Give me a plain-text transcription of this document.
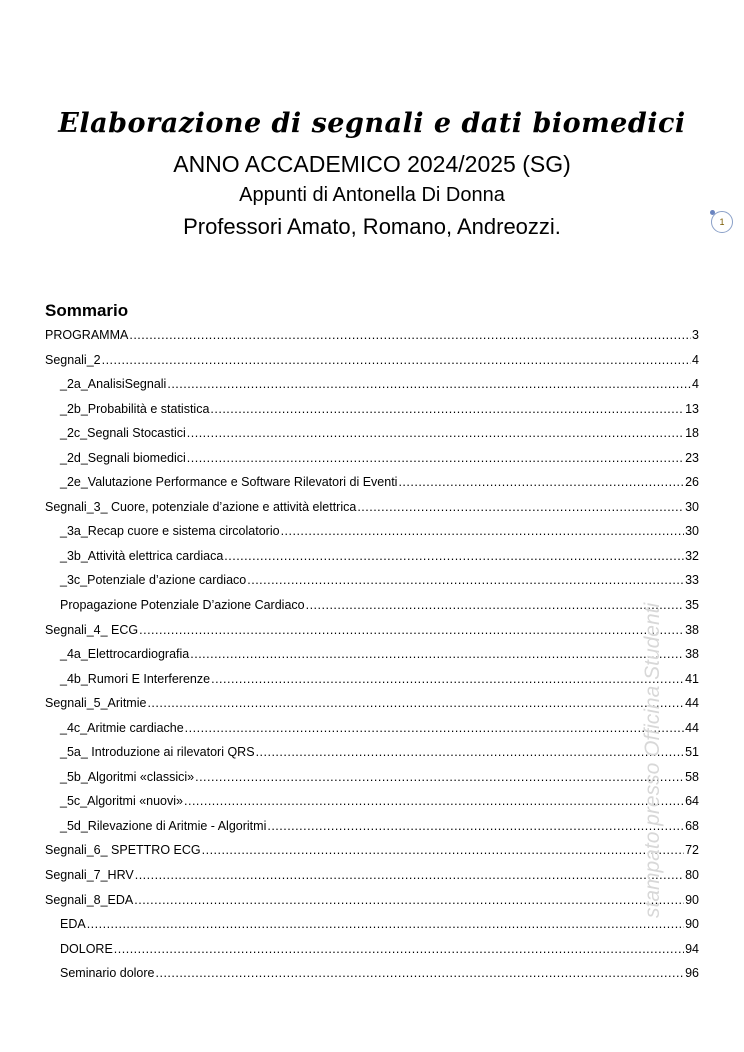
Elaborazione di segnali e dati biomedici
ANNO ACCADEMICO 2024/2025 (SG)
Appunti di Antonella Di Donna
Professori Amato, Romano, Andreozzi.	1
Sommario
PROGRAMMA .....	3
Segnali_2 .....	4
_2a_AnalisiSegnali .....	4
_2b_Probabilità e statistica .....	13
_2c_Segnali Stocastici .....	18
_2d_Segnali biomedici .....	23
_2e_Valutazione Performance e Software Rilevatori di Eventi .....	26
Segnali_3_ Cuore, potenziale d’azione e attività elettrica .....	30
_3a_Recap cuore e sistema circolatorio .....	30
_3b_Attività elettrica cardiaca .....	32
_3c_Potenziale d’azione cardiaco .....	33
Propagazione Potenziale D’azione Cardiaco .....	35
Segnali_4_ ECG .....	38
_4a_Elettrocardiografia .....	38
_4b_Rumori E Interferenze .....	41
Segnali_5_Aritmie .....	44
_4c_Aritmie cardiache .....	44
_5a_ Introduzione ai rilevatori QRS .....	51
_5b_Algoritmi «classici» .....	58
_5c_Algoritmi «nuovi» .....	64
_5d_Rilevazione di Aritmie - Algoritmi .....	68
Segnali_6_ SPETTRO ECG .....	72
Segnali_7_HRV .....	80
Segnali_8_EDA .....	90
EDA .....	90
DOLORE .....	94
Seminario dolore .....	96
stampato presso Officina Studenti
